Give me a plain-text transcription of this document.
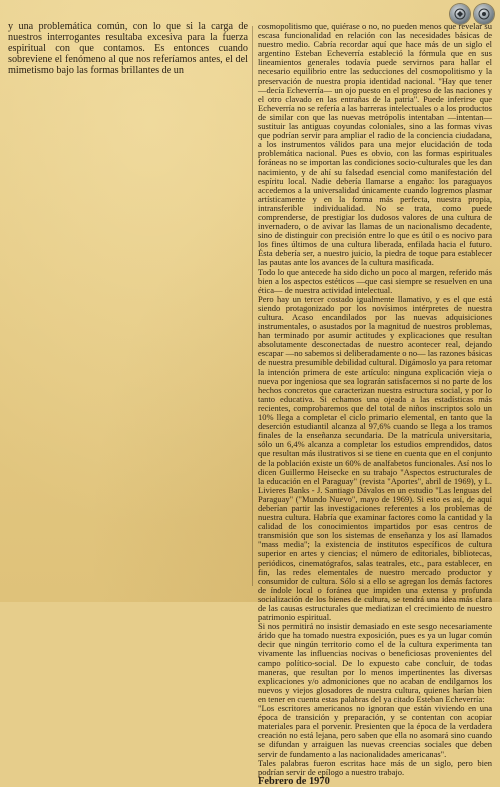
y una problemática común, con lo que si la carga de nuestros interrogantes resultaba excesiva para la fuerza espiritual con que contamos. Es entonces cuando sobreviene el fenómeno al que nos referíamos antes, el del mimetismo bajo las formas brillantes de un

cosmopolitismo que, quiérase o no, no pueden menos que revelar su escasa funcionalidad en relación con las necesidades básicas de nuestro medio. Cabría recordar aquí que hace más de un siglo el argentino Esteban Echeverría estableció la fórmula que en sus lineamientos generales todavía puede servirnos para hallar el necesario equilibrio entre las seducciones del cosmopolitismo y la preservación de nuestra propia identidad nacional. "Hay que tener —decía Echeverría— un ojo puesto en el progreso de las naciones y el otro clavado en las entrañas de la patria". Puede inferirse que Echeverría no se refería a las barreras intelectuales o a los productos de similar con que las nuevas metrópolis intentaban —intentan— sustituir las antiguas coyundas coloniales, sino a las formas vivas que podrían servir para ampliar el radio de la conciencia ciudadana, a los instrumentos válidos para una mejor elucidación de toda problemática nacional. Pues es obvio, con las formas espirituales foráneas no se importan las condiciones socio-culturales que les dan nacimiento, y de ahí su falsedad esencial como manifestación del espíritu local. Nadie debería llamarse a engaño: los paraguayos accedemos a la universalidad únicamente cuando logremos plasmar artísticamente y en la forma más perfecta, nuestra propia, intransferible individualidad. No se trata, como puede comprenderse, de prestigiar los dudosos valores de una cultura de invernadero, o de avivar las llamas de un nacionalismo decadente, sino de distinguir con precisión entre lo que es útil o es nocivo para los fines últimos de una cultura liberada, enfilada hacia el futuro. Ésta debería ser, a nuestro juicio, la piedra de toque para establecer las pautas ante los avances de la cultura masificada.

Todo lo que antecede ha sido dicho un poco al margen, referido más bien a los aspectos estéticos —que casi siempre se resuelven en una ética— de nuestra actividad intelectual.

Pero hay un tercer costado igualmente llamativo, y es el que está siendo protagonizado por los novísimos intérpretes de nuestra cultura. Acaso encandilados por las nuevas adquisiciones instrumentales, o asustados por la magnitud de nuestros problemas, han terminado por asumir actitudes y explicaciones que resultan absolutamente desconectadas de nuestro acontecer real, dejando escapar —no sabemos si deliberadamente o no— las razones básicas de nuestra presumible debilidad cultural. Digámoslo ya para retomar la intención primera de este artículo: ninguna explicación vieja o nueva por ingeniosa que sea lograrán satisfacernos si no parte de los hechos concretos que caracterizan nuestra estructura social, y por lo tanto educativa. Si echamos una ojeada a las estadísticas más recientes, comprobaremos que del total de niños inscriptos solo un 10% llega a completar el ciclo primario elemental, en tanto que la deserción estudiantil alcanza al 97,6% cuando se llega a los tramos finales de la enseñanza secundaria. De la matrícula universitaria, sólo un 6,4% alcanza a completar los estudios emprendidos, datos que resultan más ilustrativos si se tiene en cuenta que en el conjunto de la población existe un 60% de analfabetos funcionales. Así nos lo dicen Guillermo Heisecke en su trabajo "Aspectos estructurales de la educación en el Paraguay" (revista "Aportes", abril de 1969), y L. Livieres Banks - J. Santiago Dávalos en un estudio "Las lenguas del Paraguay" ("Mundo Nuevo", mayo de 1969). Si esto es así, de aquí deberían partir las investigaciones referentes a los problemas de nuestra cultura. Habría que examinar factores como la cantidad y la calidad de los conocimientos impartidos por esas centros de transmisión que son los sistemas de enseñanza y los así llamados "mass media"; la existencia de institutos específicos de cultura superior en artes y ciencias; el número de editoriales, bibliotecas, periódicos, cinematógrafos, salas teatrales, etc., para establecer, en fin, las redes elementales de nuestro mercado productor y consumidor de cultura. Sólo si a ello se agregan los demás factores de índole local o foránea que impiden una extensa y profunda socialización de los bienes de cultura, se tendrá una idea más clara de las causas estructurales que mediatizan el crecimiento de nuestro patrimonio espiritual.

Si nos permitirá no insistir demasiado en este sesgo necesariamente árido que ha tomado nuestra exposición, pues es ya un lugar común decir que ningún territorio como el de la cultura experimenta tan vivamente las influencias nocivas o beneficiosas provenientes del campo político-social. De lo expuesto cabe concluir, de todas maneras, que resultan por lo menos impertinentes las diversas explicaciones y/o admoniciones que no acaban de endilgarnos los nuevos y viejos glosadores de nuestra cultura, quienes harían bien en tener en cuenta estas palabras del ya citado Esteban Echeverría:

"Los escritores americanos no ignoran que están viviendo en una época de transición y preparación, y se contentan con acopiar materiales para el porvenir. Presienten que la época de la verdadera creación no está lejana, pero saben que ella no asomará sino cuando se difundan y arraiguen las nuevas creencias sociales que deben servir de fundamento a las nacionalidades americanas".

Tales palabras fueron escritas hace más de un siglo, pero bien podrían servir de epílogo a nuestro trabajo.

Febrero de 1970
